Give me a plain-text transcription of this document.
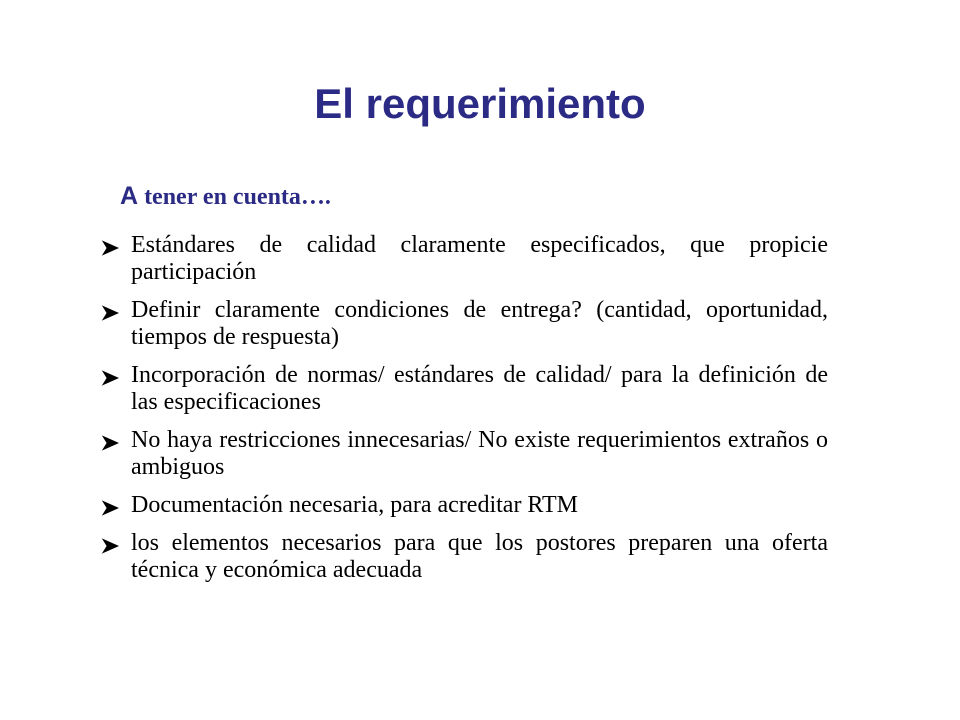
El requerimiento
A tener en cuenta….
Estándares de calidad claramente especificados, que propicie participación
Definir claramente condiciones de entrega? (cantidad, oportunidad, tiempos de respuesta)
Incorporación de normas/ estándares de calidad/ para la definición de las especificaciones
No haya restricciones innecesarias/ No existe requerimientos extraños o ambiguos
Documentación necesaria, para acreditar RTM
los elementos necesarios para que los postores preparen una oferta técnica y económica adecuada
